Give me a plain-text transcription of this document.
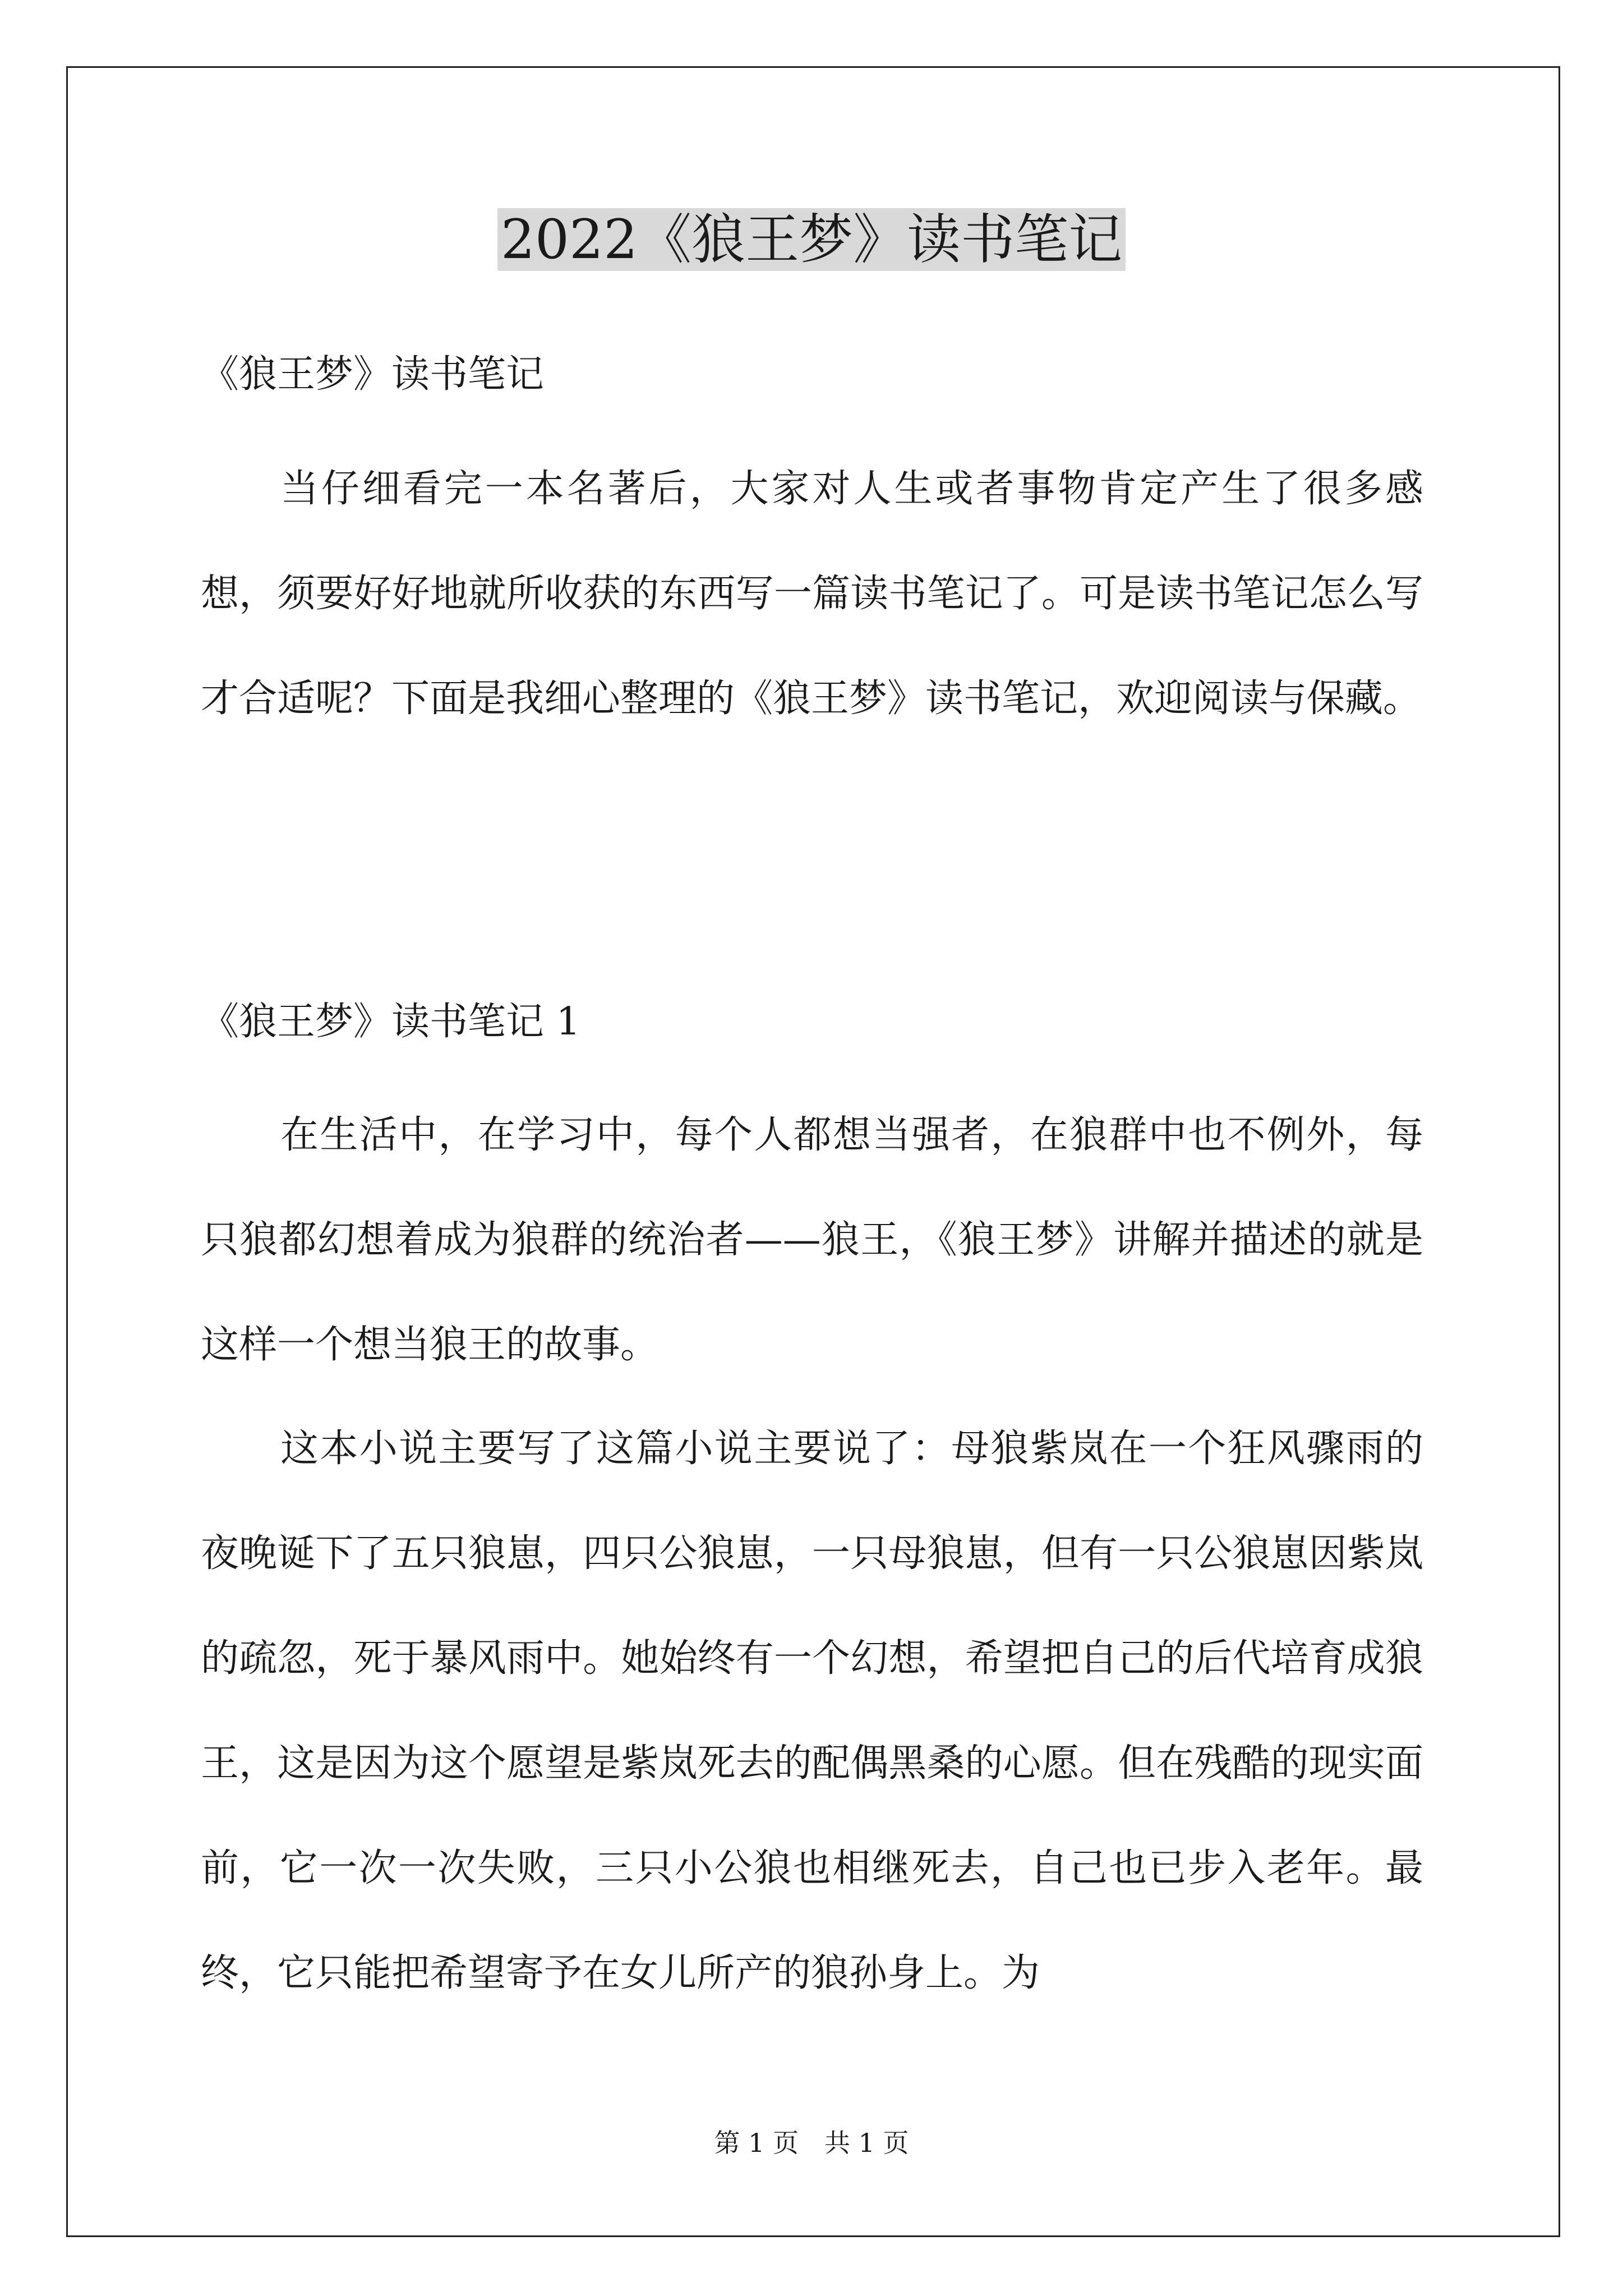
2022《狼王梦》读书笔记

《狼王梦》读书笔记

当仔细看完一本名著后，大家对人生或者事物肯定产生了很多感想，须要好好地就所收获的东西写一篇读书笔记了。可是读书笔记怎么写才合适呢？下面是我细心整理的《狼王梦》读书笔记，欢迎阅读与保藏。

《狼王梦》读书笔记 1

在生活中，在学习中，每个人都想当强者，在狼群中也不例外，每只狼都幻想着成为狼群的统治者——狼王，《狼王梦》讲解并描述的就是这样一个想当狼王的故事。

这本小说主要写了这篇小说主要说了：母狼紫岚在一个狂风骤雨的夜晚诞下了五只狼崽，四只公狼崽，一只母狼崽，但有一只公狼崽因紫岚的疏忽，死于暴风雨中。她始终有一个幻想，希望把自己的后代培育成狼王，这是因为这个愿望是紫岚死去的配偶黑桑的心愿。但在残酷的现实面前，它一次一次失败，三只小公狼也相继死去，自己也已步入老年。最终，它只能把希望寄予在女儿所产的狼孙身上。为

第 1 页　共 1 页
